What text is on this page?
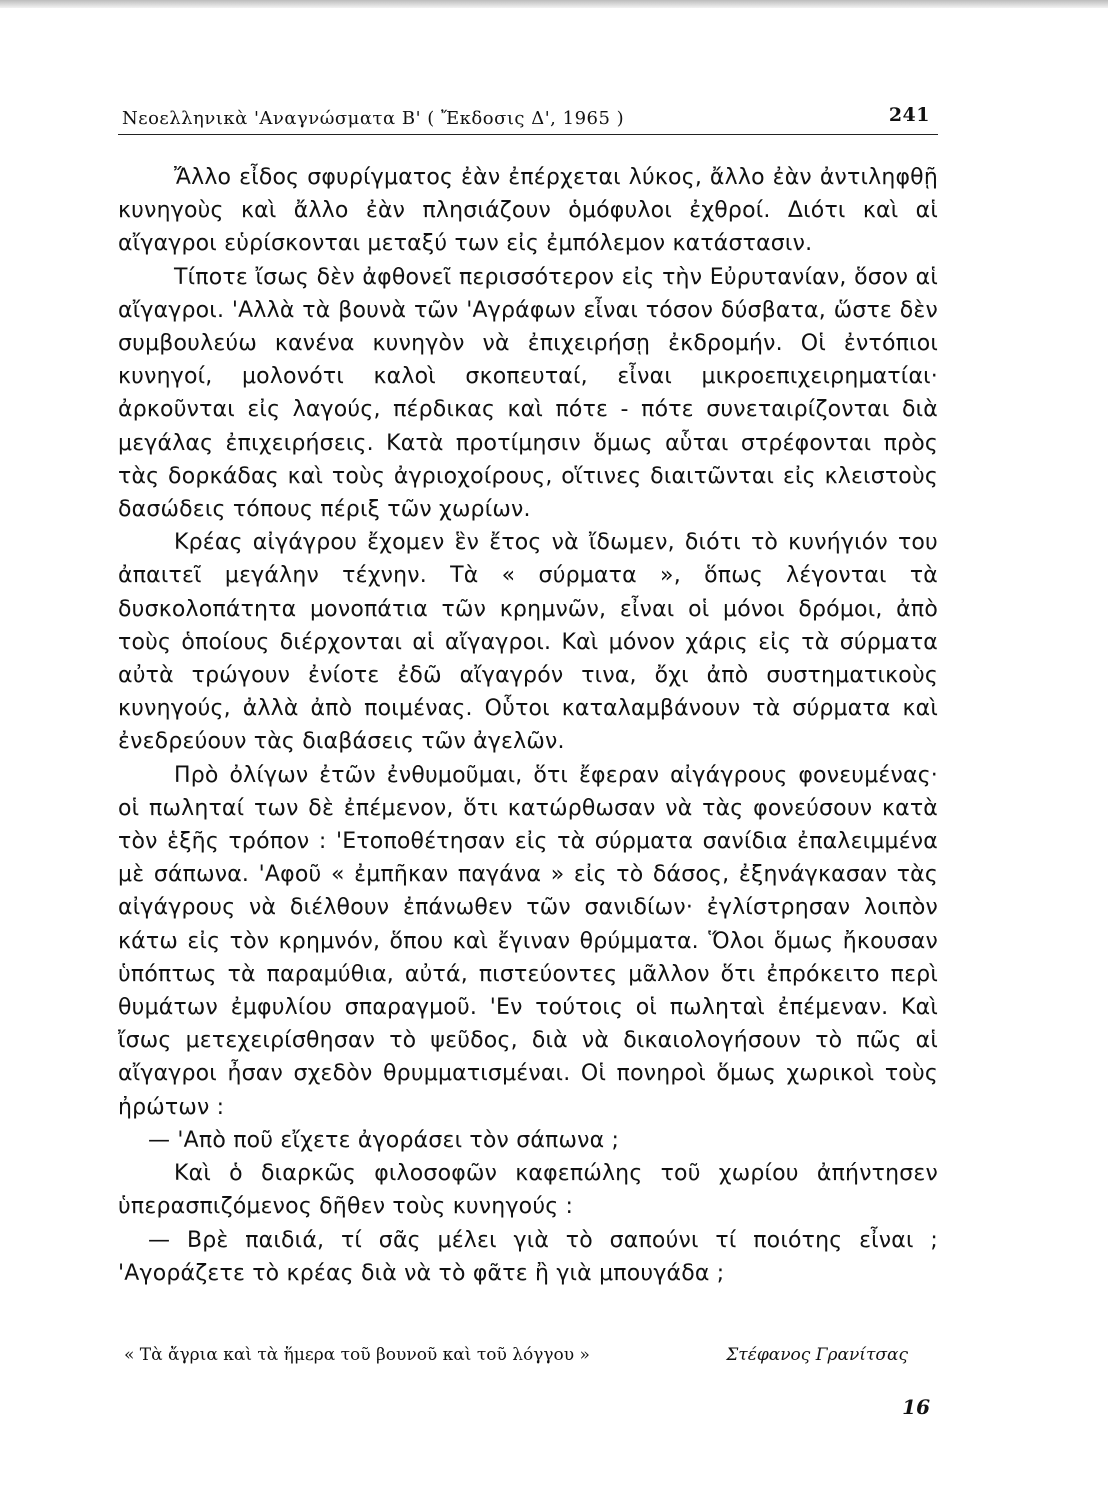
Νεοελληνικὰ 'Αναγνώσματα Β' ( Ἔκδοσις Δ', 1965 )	241

Ἄλλο εἶδος σφυρίγματος ἐὰν ἐπέρχεται λύκος, ἄλλο ἐὰν ἀντιληφθῇ κυνηγοὺς καὶ ἄλλο ἐὰν πλησιάζουν ὁμόφυλοι ἐχθροί. Διότι καὶ αἱ αἴγαγροι εὑρίσκονται μεταξύ των εἰς ἐμπόλεμον κατάστασιν.

Τίποτε ἴσως δὲν ἀφθονεῖ περισσότερον εἰς τὴν Εὐρυτανίαν, ὅσον αἱ αἴγαγροι. 'Αλλὰ τὰ βουνὰ τῶν 'Αγράφων εἶναι τόσον δύσβατα, ὥστε δὲν συμβουλεύω κανένα κυνηγὸν νὰ ἐπιχειρήσῃ ἐκδρομήν. Οἱ ἐντόπιοι κυνηγοί, μολονότι καλοὶ σκοπευταί, εἶναι μικροεπιχειρηματίαι· ἀρκοῦνται εἰς λαγούς, πέρδικας καὶ πότε - πότε συνεταιρίζονται διὰ μεγάλας ἐπιχειρήσεις. Κατὰ προτίμησιν ὅμως αὗται στρέφονται πρὸς τὰς δορκάδας καὶ τοὺς ἀγριοχοίρους, οἵτινες διαιτῶνται εἰς κλειστοὺς δασώδεις τόπους πέριξ τῶν χωρίων.

Κρέας αἰγάγρου ἔχομεν ἓν ἔτος νὰ ἴδωμεν, διότι τὸ κυνήγιόν του ἀπαιτεῖ μεγάλην τέχνην. Τὰ « σύρματα », ὅπως λέγονται τὰ δυσκολοπάτητα μονοπάτια τῶν κρημνῶν, εἶναι οἱ μόνοι δρόμοι, ἀπὸ τοὺς ὁποίους διέρχονται αἱ αἴγαγροι. Καὶ μόνον χάρις εἰς τὰ σύρματα αὐτὰ τρώγουν ἐνίοτε ἐδῶ αἴγαγρόν τινα, ὄχι ἀπὸ συστηματικοὺς κυνηγούς, ἀλλὰ ἀπὸ ποιμένας. Οὗτοι καταλαμβάνουν τὰ σύρματα καὶ ἐνεδρεύουν τὰς διαβάσεις τῶν ἀγελῶν.

Πρὸ ὀλίγων ἐτῶν ἐνθυμοῦμαι, ὅτι ἔφεραν αἰγάγρους φονευμένας· οἱ πωληταί των δὲ ἐπέμενον, ὅτι κατώρθωσαν νὰ τὰς φονεύσουν κατὰ τὸν ἑξῆς τρόπον : 'Ετοποθέτησαν εἰς τὰ σύρματα σανίδια ἐπαλειμμένα μὲ σάπωνα. 'Αφοῦ « ἐμπῆκαν παγάνα » εἰς τὸ δάσος, ἐξηνάγκασαν τὰς αἰγάγρους νὰ διέλθουν ἐπάνωθεν τῶν σανιδίων· ἐγλίστρησαν λοιπὸν κάτω εἰς τὸν κρημνόν, ὅπου καὶ ἔγιναν θρύμματα. Ὅλοι ὅμως ἤκουσαν ὑπόπτως τὰ παραμύθια, αὐτά, πιστεύοντες μᾶλλον ὅτι ἐπρόκειτο περὶ θυμάτων ἐμφυλίου σπαραγμοῦ. 'Εν τούτοις οἱ πωληταὶ ἐπέμεναν. Καὶ ἴσως μετεχειρίσθησαν τὸ ψεῦδος, διὰ νὰ δικαιολογήσουν τὸ πῶς αἱ αἴγαγροι ἦσαν σχεδὸν θρυμματισμέναι. Οἱ πονηροὶ ὅμως χωρικοὶ τοὺς ἠρώτων :

— 'Απὸ ποῦ εἴχετε ἀγοράσει τὸν σάπωνα ;

Καὶ ὁ διαρκῶς φιλοσοφῶν καφεπώλης τοῦ χωρίου ἀπήντησεν ὑπερασπιζόμενος δῆθεν τοὺς κυνηγούς :

— Βρὲ παιδιά, τί σᾶς μέλει γιὰ τὸ σαπούνι τί ποιότης εἶναι ; 'Αγοράζετε τὸ κρέας διὰ νὰ τὸ φᾶτε ἢ γιὰ μπουγάδα ;

« Τὰ ἄγρια καὶ τὰ ἥμερα τοῦ βουνοῦ καὶ τοῦ λόγγου »	Στέφανος Γρανίτσας
16
